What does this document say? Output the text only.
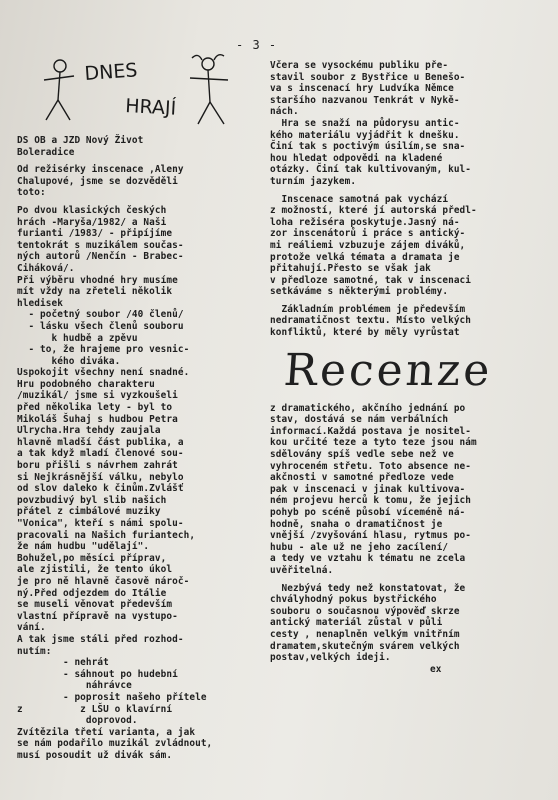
- 3 -
DNES
HRAJÍ
DS OB a JZD Nový Život
Boleradice
Od režisérky inscenace ,Aleny
Chalupové, jsme se dozvěděli
toto:
Po dvou klasických českých
hrách -Maryša/1982/ a Naši
furianti /1983/ - připíjíme
tentokrát s muzikálem součas-
ných autorů /Nenčín - Brabec-
Ciháková/.
Při výběru vhodné hry musíme
mít vždy na zřeteli několik
hledisek
- početný soubor /40 členů/
- lásku všech členů souboru
k hudbě a zpěvu
- to, že hrajeme pro vesnic-
kého diváka.
Uspokojit všechny není snadné.
Hru podobného charakteru
/muzikál/ jsme si vyzkoušeli
před několika lety - byl to
Mikoláš Šuhaj s hudbou Petra
Ulrycha.Hra tehdy zaujala
hlavně mladší část publika, a
a tak když mladí členové sou-
boru přišli s návrhem zahrát
si Nejkrásnější válku, nebylo
od slov daleko k činům.Zvlášť
povzbudivý byl slib našich
přátel z cimbálové muziky
"Vonica", kteří s námi spolu-
pracovali na Našich furiantech,
že nám hudbu "udělají".
Bohužel,po měsíci příprav,
ale zjistili, že tento úkol
je pro ně hlavně časově nároč-
ný.Před odjezdem do Itálie
se museli věnovat především
vlastní přípravě na vystupo-
vání.
A tak jsme stáli před rozhod-
nutím:
- nehrát
- sáhnout po hudební
náhrávce
- poprosit našeho přítele
z          z LŠU o klavírní
doprovod.
Zvítězila třetí varianta, a jak
se nám podařilo muzikál zvládnout,
musí posoudit už divák sám.
Včera se vysockému publiku pře-
stavil soubor z Bystřice u Benešo-
va s inscenací hry Ludvíka Němce
staršího nazvanou Tenkrát v Nykě-
nách.
Hra se snaží na půdorysu antic-
kého materiálu vyjádřit k dnešku.
Činí tak s poctivým úsilím,se sna-
hou hledat odpovědi na kladené
otázky. Činí tak kultivovaným, kul-
turním jazykem.
Inscenace samotná pak vychází
z možností, které jí autorská předl-
loha režiséra poskytuje.Jasný ná-
zor inscenátorů i práce s antický-
mi reáliemi vzbuzuje zájem diváků,
protože velká témata a dramata je
přitahují.Přesto se však jak
v předloze samotné, tak v inscenaci
setkáváme s některými problémy.
Základním problémem je především
nedramatičnost textu. Místo velkých
konfliktů, které by měly vyrůstat
Recenze
z dramatického, akčního jednání po
stav, dostává se nám verbálních
informací.Každá postava je nositel-
kou určité teze a tyto teze jsou nám
sdělovány spíš vedle sebe než ve
vyhroceném střetu. Toto absence ne-
akčnosti v samotné předloze vede
pak v inscenaci v jinak kultivova-
ném projevu herců k tomu, že jejich
pohyb po scéně působí víceméně ná-
hodně, snaha o dramatičnost je
vnější /zvyšování hlasu, rytmus po-
hubu - ale už ne jeho zacílení/
a tedy ve vztahu k tématu ne zcela
uvěřitelná.
Nezbývá tedy než konstatovat, že
chvályhodný pokus bystřického
souboru o současnou výpověď skrze
antický materiál zůstal v půli
cesty , nenaplněn velkým vnitřním
dramatem,skutečným svárem velkých
postav,velkých ideji.
ex
